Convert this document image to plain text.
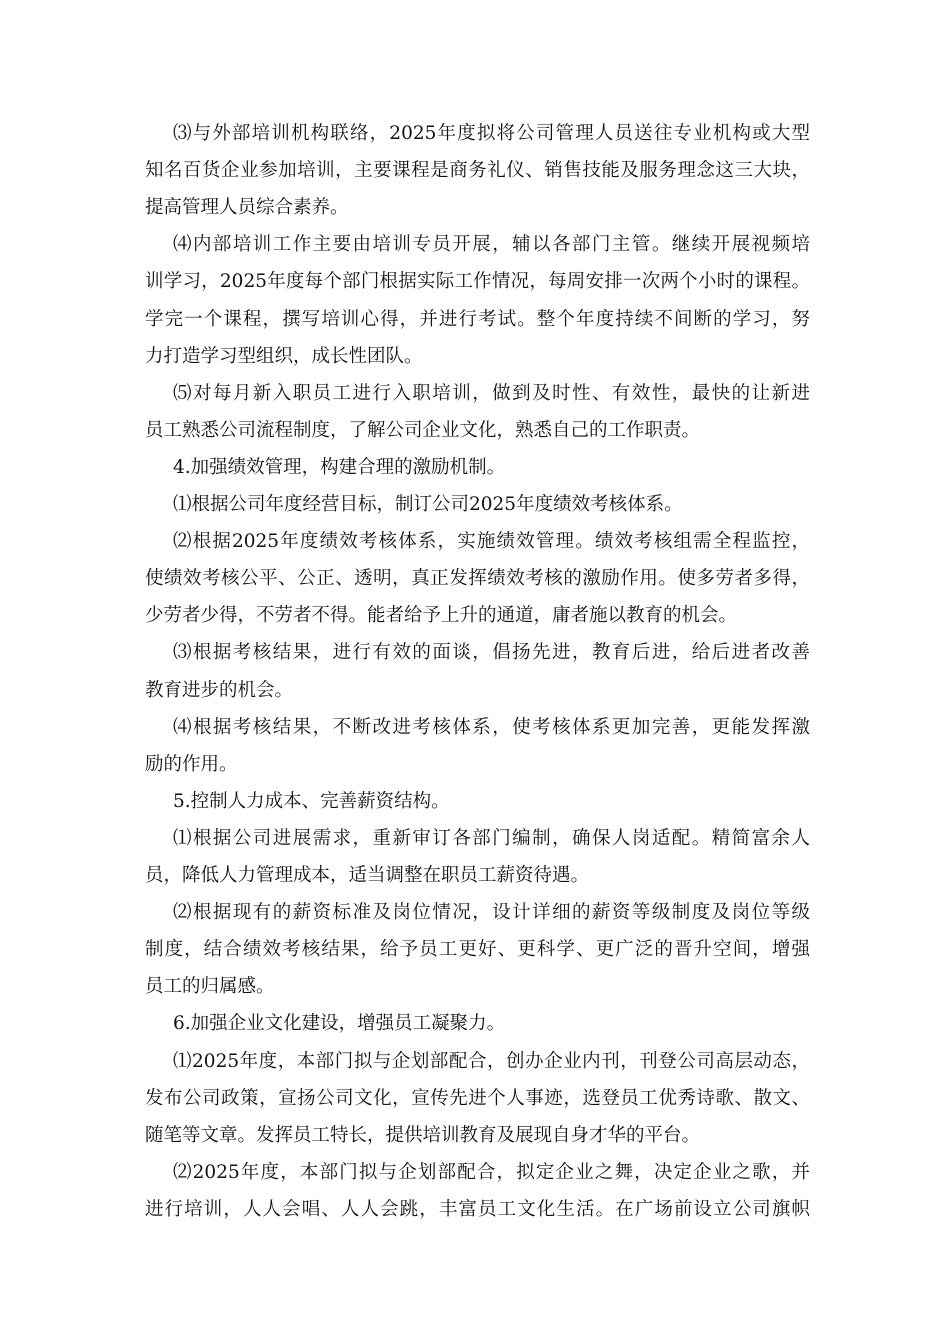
⑶与外部培训机构联络，2025年度拟将公司管理人员送往专业机构或大型
知名百货企业参加培训，主要课程是商务礼仪、销售技能及服务理念这三大块，
提高管理人员综合素养。
⑷内部培训工作主要由培训专员开展，辅以各部门主管。继续开展视频培
训学习，2025年度每个部门根据实际工作情况，每周安排一次两个小时的课程。
学完一个课程，撰写培训心得，并进行考试。整个年度持续不间断的学习，努
力打造学习型组织，成长性团队。
⑸对每月新入职员工进行入职培训，做到及时性、有效性，最快的让新进
员工熟悉公司流程制度，了解公司企业文化，熟悉自己的工作职责。
4.加强绩效管理，构建合理的激励机制。
⑴根据公司年度经营目标，制订公司2025年度绩效考核体系。
⑵根据2025年度绩效考核体系，实施绩效管理。绩效考核组需全程监控，
使绩效考核公平、公正、透明，真正发挥绩效考核的激励作用。使多劳者多得，
少劳者少得，不劳者不得。能者给予上升的通道，庸者施以教育的机会。
⑶根据考核结果，进行有效的面谈，倡扬先进，教育后进，给后进者改善
教育进步的机会。
⑷根据考核结果，不断改进考核体系，使考核体系更加完善，更能发挥激
励的作用。
5.控制人力成本、完善薪资结构。
⑴根据公司进展需求，重新审订各部门编制，确保人岗适配。精简富余人
员，降低人力管理成本，适当调整在职员工薪资待遇。
⑵根据现有的薪资标准及岗位情况，设计详细的薪资等级制度及岗位等级
制度，结合绩效考核结果，给予员工更好、更科学、更广泛的晋升空间，增强
员工的归属感。
6.加强企业文化建设，增强员工凝聚力。
⑴2025年度，本部门拟与企划部配合，创办企业内刊，刊登公司高层动态，
发布公司政策，宣扬公司文化，宣传先进个人事迹，选登员工优秀诗歌、散文、
随笔等文章。发挥员工特长，提供培训教育及展现自身才华的平台。
⑵2025年度，本部门拟与企划部配合，拟定企业之舞，决定企业之歌，并
进行培训，人人会唱、人人会跳，丰富员工文化生活。在广场前设立公司旗帜
